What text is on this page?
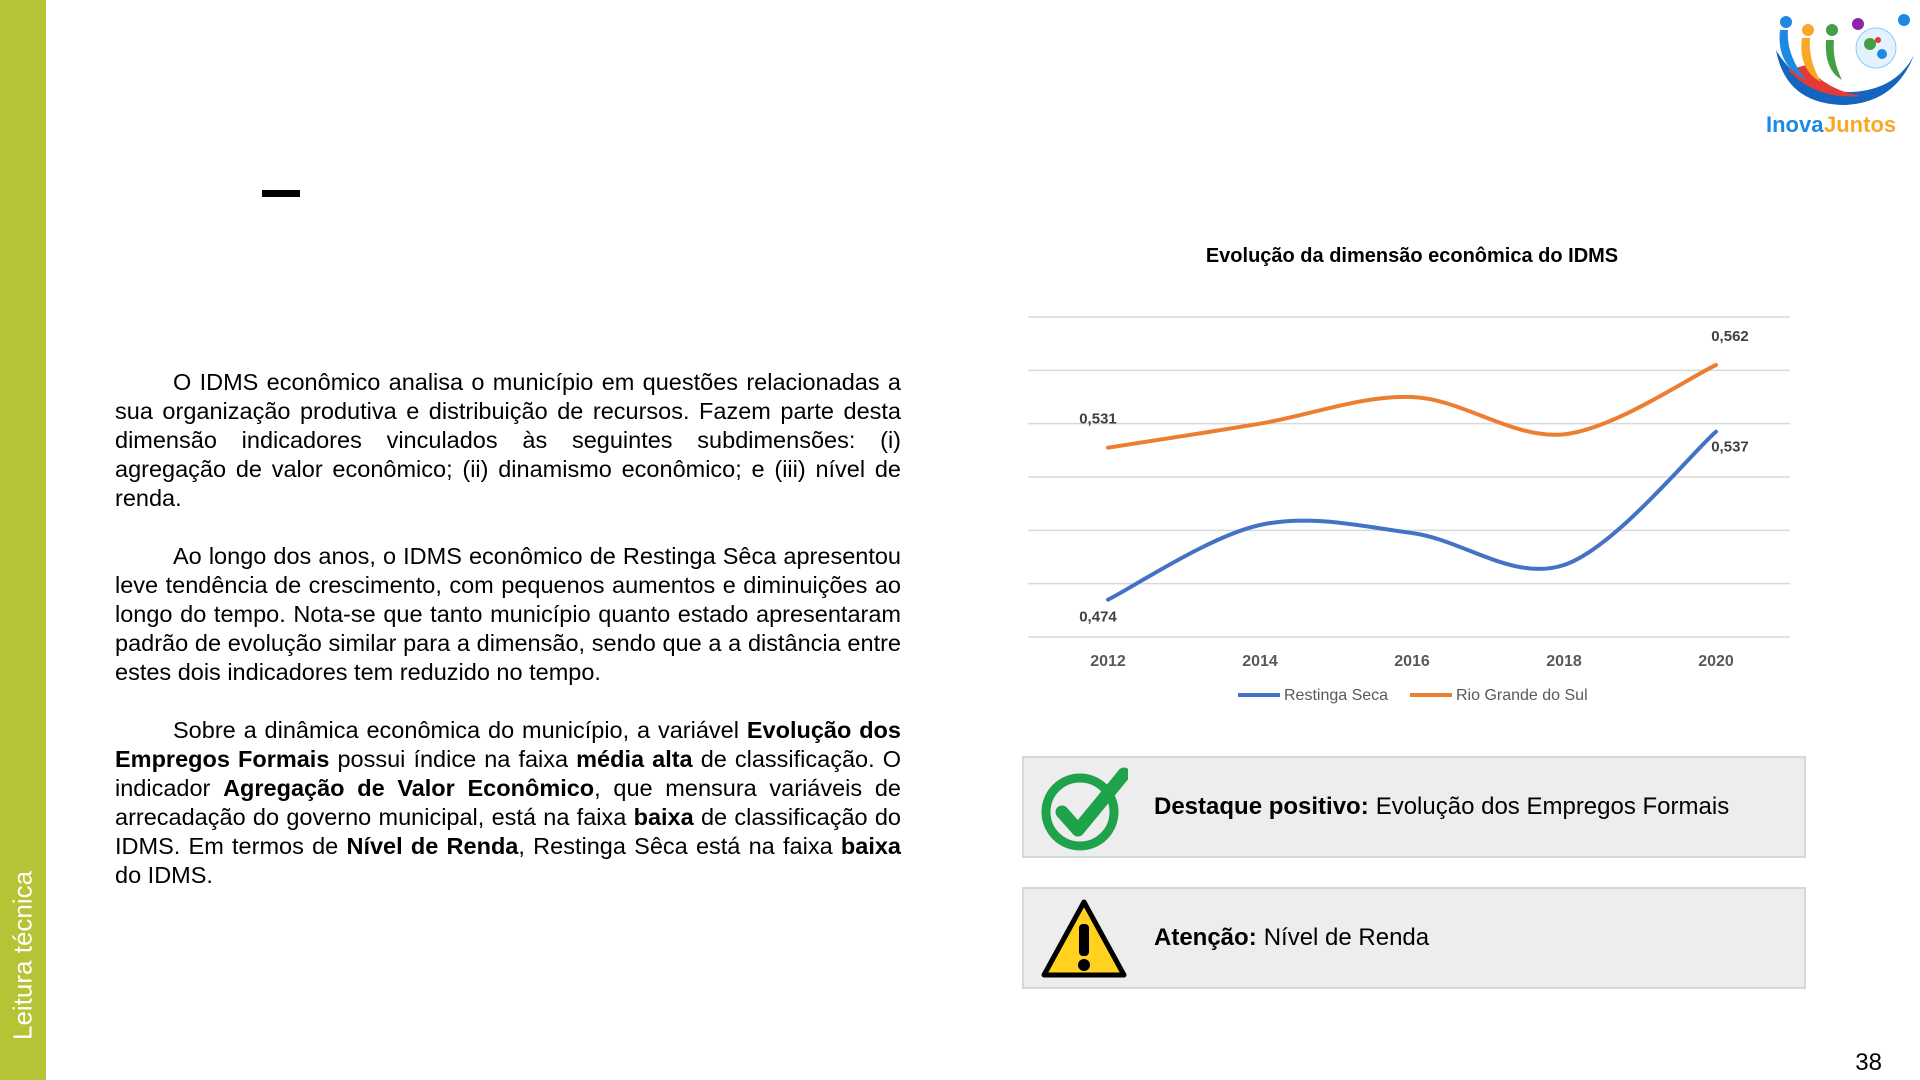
Leitura técnica
Inova Juntos

O IDMS econômico analisa o município em questões relacionadas a sua organização produtiva e distribuição de recursos. Fazem parte desta dimensão indicadores vinculados às seguintes subdimensões: (i) agregação de valor econômico; (ii) dinamismo econômico; e (iii) nível de renda.

Ao longo dos anos, o IDMS econômico de Restinga Sêca apresentou leve tendência de crescimento, com pequenos aumentos e diminuições ao longo do tempo. Nota-se que tanto município quanto estado apresentaram padrão de evolução similar para a dimensão, sendo que a a distância entre estes dois indicadores tem reduzido no tempo.

Sobre a dinâmica econômica do município, a variável Evolução dos Empregos Formais possui índice na faixa média alta de classificação. O indicador Agregação de Valor Econômico, que mensura variáveis de arrecadação do governo municipal, está na faixa baixa de classificação do IDMS. Em termos de Nível de Renda, Restinga Sêca está na faixa baixa do IDMS.

Evolução da dimensão econômica do IDMS
2012	2014	2016	2018	2020
0,474
0,537
0,531
0,562
Restinga Seca	Rio Grande do Sul
Destaque positivo: Evolução dos Empregos Formais
Atenção: Nível de Renda
38
